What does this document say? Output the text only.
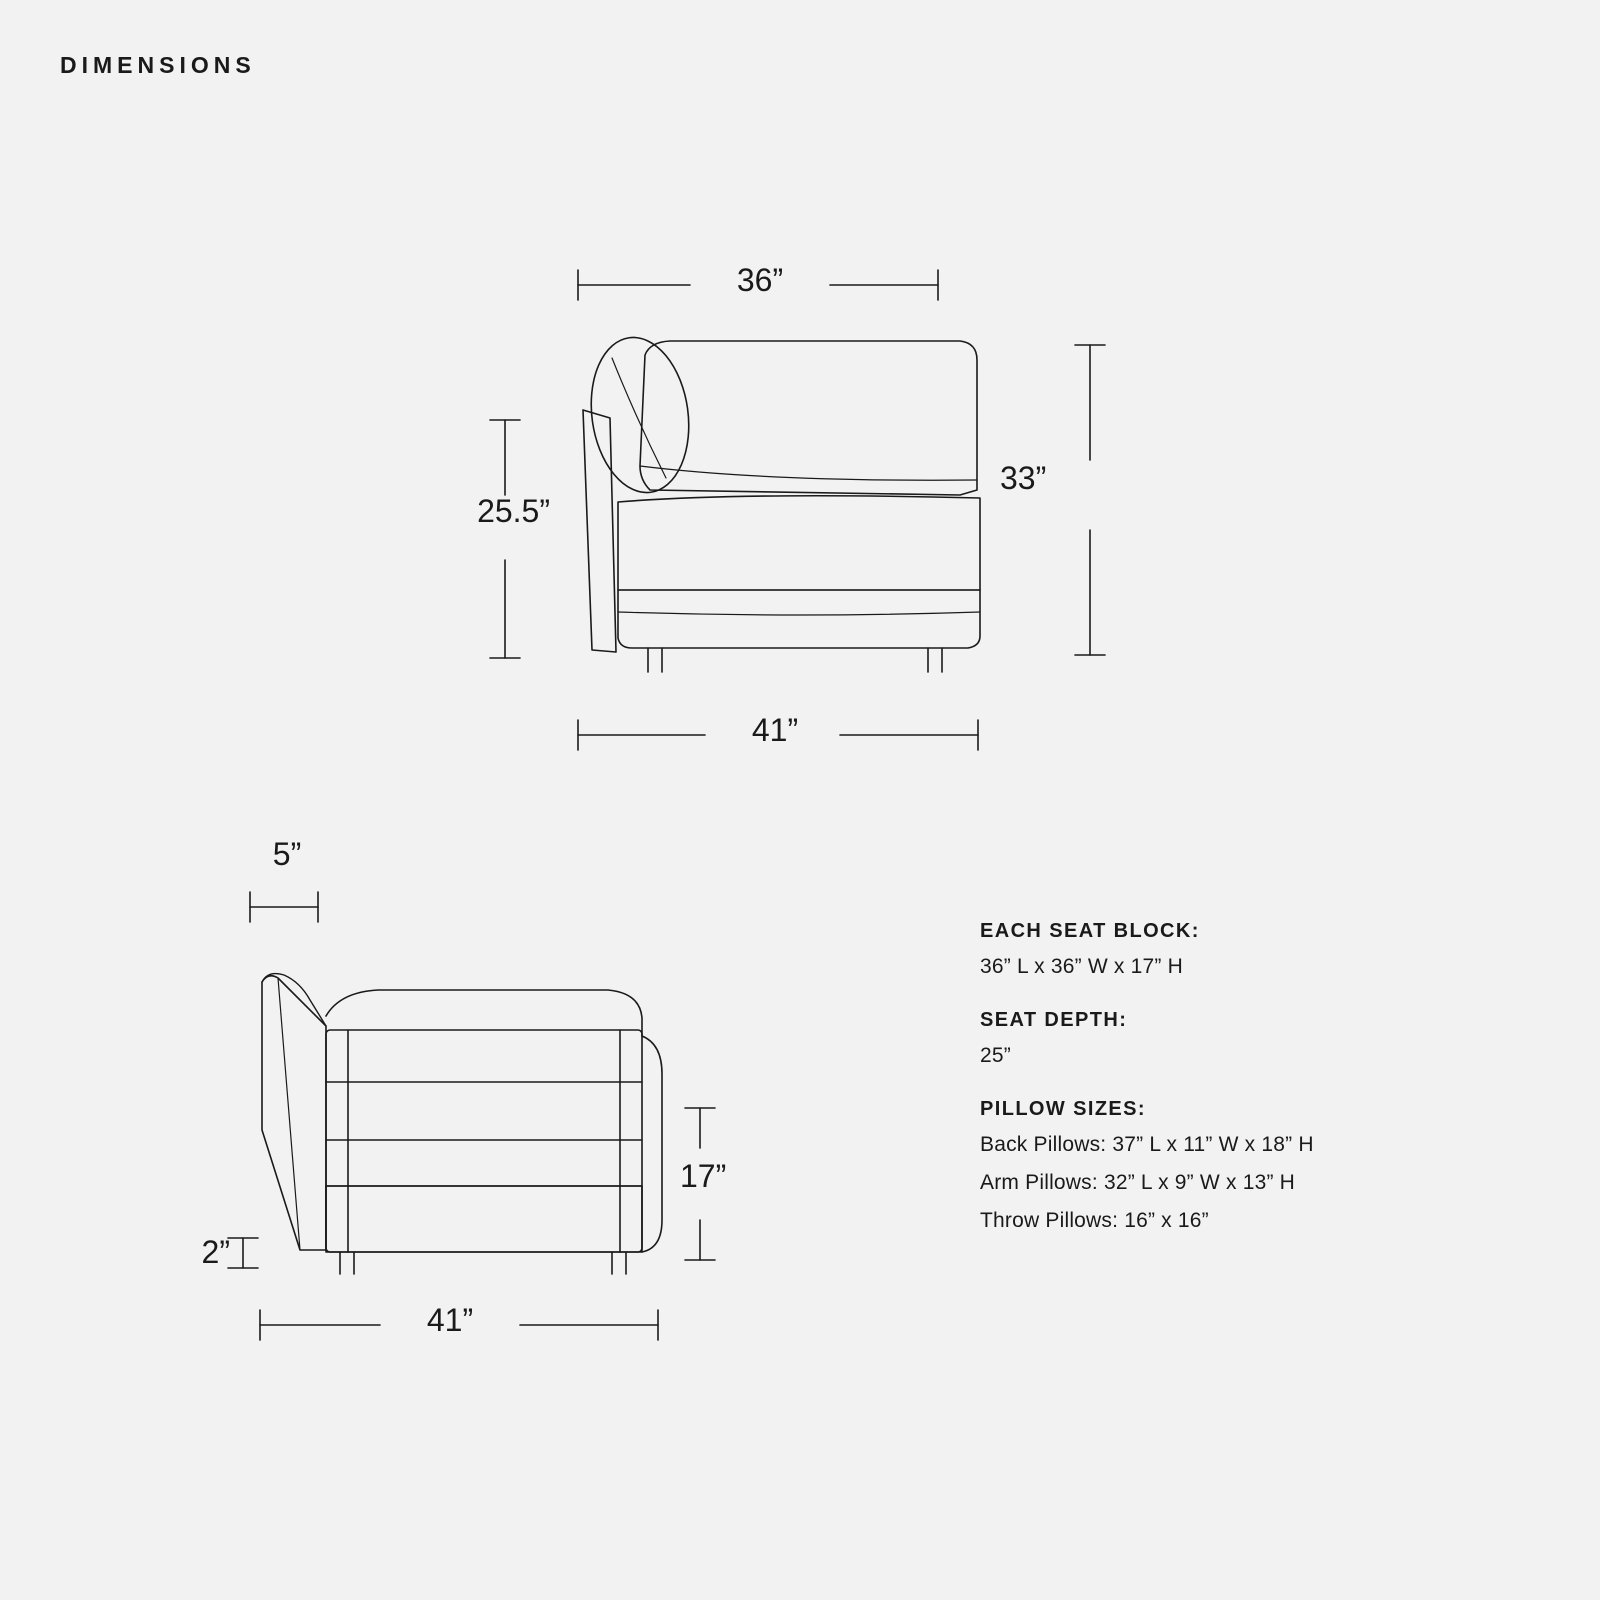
DIMENSIONS
36”
33”
25.5”
41”
5”
17”
2”
41”
EACH SEAT BLOCK:
36” L x 36” W x 17” H
SEAT DEPTH:
25”
PILLOW SIZES:
Back Pillows: 37” L x 11” W x 18” H
Arm Pillows: 32” L x 9” W x 13” H
Throw Pillows: 16” x 16”
